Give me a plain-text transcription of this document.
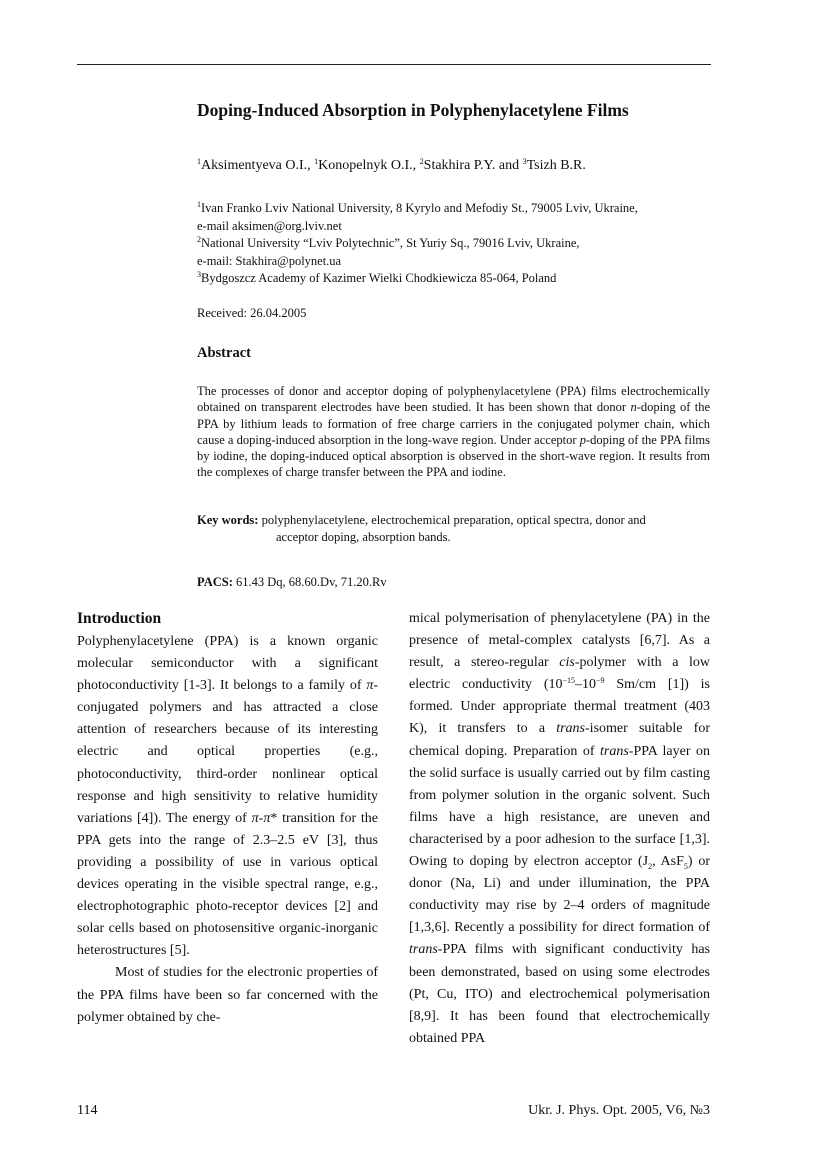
Doping-Induced Absorption in Polyphenylacetylene Films
$^1$Aksimentyeva O.I., $^1$Konopelnyk O.I., $^2$Stakhira P.Y. and $^3$Tsizh B.R.
$^1$Ivan Franko Lviv National University, 8 Kyrylo and Mefodiy St., 79005 Lviv, Ukraine,
e-mail aksimen@org.lviv.net
$^2$National University “Lviv Polytechnic”, St Yuriy Sq., 79016 Lviv, Ukraine,
e-mail: Stakhira@polynet.ua
$^3$Bydgoszcz Academy of Kazimer Wielki Chodkiewicza 85-064, Poland
Received: 26.04.2005
Abstract
The processes of donor and acceptor doping of polyphenylacetylene (PPA) films electrochemically obtained on transparent electrodes have been studied. It has been shown that donor n-doping of the PPA by lithium leads to formation of free charge carriers in the conjugated polymer chain, which cause a doping-induced absorption in the long-wave region. Under acceptor p-doping of the PPA films by iodine, the doping-induced optical absorption is observed in the short-wave region. It results from the complexes of charge transfer between the PPA and iodine.
Key words: polyphenylacetylene, electrochemical preparation, optical spectra, donor and
acceptor doping, absorption bands.
PACS: 61.43 Dq, 68.60.Dv, 71.20.Rv
Introduction

Polyphenylacetylene (PPA) is a known organic molecular semiconductor with a significant photoconductivity [1-3]. It belongs to a family of π-conjugated polymers and has attracted a close attention of researchers because of its interesting electric and optical properties (e.g., photoconductivity, third-order nonlinear optical response and high sensitivity to relative humidity variations [4]). The energy of π-π* transition for the PPA gets into the range of 2.3–2.5 eV [3], thus providing a possibility of use in various optical devices operating in the visible spectral range, e.g., electrophotographic photo-receptor devices [2] and solar cells based on photosensitive organic-inorganic heterostructures [5].

Most of studies for the electronic properties of the PPA films have been so far concerned with the polymer obtained by che-

mical polymerisation of phenylacetylene (PA) in the presence of metal-complex catalysts [6,7]. As a result, a stereo-regular cis-polymer with a low electric conductivity ($10^{-15}-10^{-9}$ Sm/cm [1]) is formed. Under appropriate thermal treatment (403 K), it transfers to a trans-isomer suitable for chemical doping. Preparation of trans-PPA layer on the solid surface is usually carried out by film casting from polymer solution in the organic solvent. Such films have a high resistance, are uneven and characterised by a poor adhesion to the surface [1,3]. Owing to doping by electron acceptor ($J_2$, AsF$_5$) or donor (Na, Li) and under illumination, the PPA conductivity may rise by 2–4 orders of magnitude [1,3,6]. Recently a possibility for direct formation of trans-PPA films with significant conductivity has been demonstrated, based on using some electrodes (Pt, Cu, ITO) and electrochemical polymerisation [8,9]. It has been found that electrochemically obtained PPA

114	Ukr. J. Phys. Opt. 2005, V6, №3
